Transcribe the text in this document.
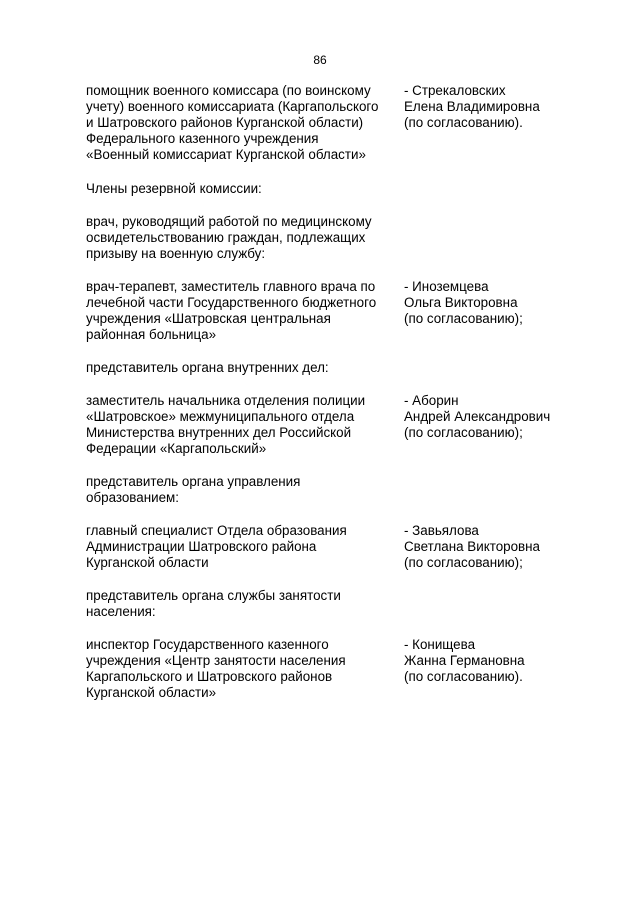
86
помощник военного комиссара (по воинскому
учету) военного комиссариата (Каргапольского
и Шатровского районов Курганской области)
Федерального казенного учреждения
«Военный комиссариат Курганской области»
- Стрекаловских
Елена Владимировна
(по согласованию).
Члены резервной комиссии:
врач, руководящий работой по медицинскому
освидетельствованию граждан, подлежащих
призыву на военную службу:
врач-терапевт, заместитель главного врача по
лечебной части Государственного бюджетного
учреждения «Шатровская центральная
районная больница»
- Иноземцева
Ольга Викторовна
(по согласованию);
представитель органа внутренних дел:
заместитель начальника отделения полиции
«Шатровское» межмуниципального отдела
Министерства внутренних дел Российской
Федерации «Каргапольский»
- Аборин
Андрей Александрович
(по согласованию);
представитель органа управления
образованием:
главный специалист Отдела образования
Администрации Шатровского района
Курганской области
- Завьялова
Светлана Викторовна
(по согласованию);
представитель органа службы занятости
населения:
инспектор Государственного казенного
учреждения «Центр занятости населения
Каргапольского и Шатровского районов
Курганской области»
- Конищева
Жанна Германовна
(по согласованию).
